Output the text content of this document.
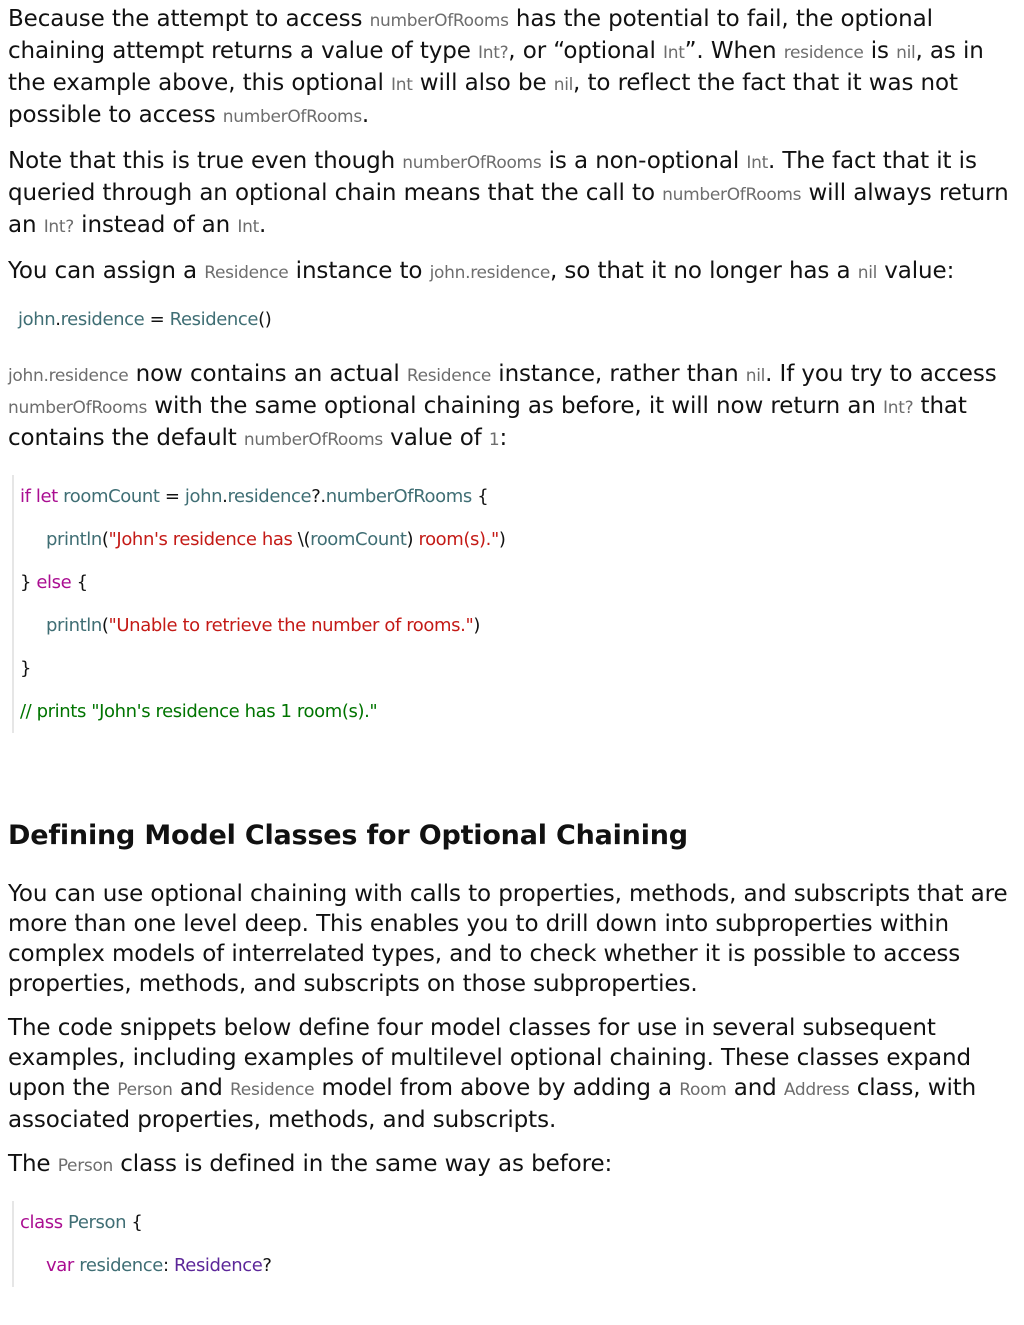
Because the attempt to access numberOfRooms has the potential to fail, the optional chaining attempt returns a value of type Int?, or “optional Int”. When residence is nil, as in the example above, this optional Int will also be nil, to reflect the fact that it was not possible to access numberOfRooms.

Note that this is true even though numberOfRooms is a non-optional Int. The fact that it is queried through an optional chain means that the call to numberOfRooms will always return an Int? instead of an Int.

You can assign a Residence instance to john.residence, so that it no longer has a nil value:

john.residence = Residence()

john.residence now contains an actual Residence instance, rather than nil. If you try to access numberOfRooms with the same optional chaining as before, it will now return an Int? that contains the default numberOfRooms value of 1:

if let roomCount = john.residence?.numberOfRooms {
println("John's residence has \(roomCount) room(s).")
} else {
println("Unable to retrieve the number of rooms.")
}
// prints "John's residence has 1 room(s)."
Defining Model Classes for Optional Chaining

You can use optional chaining with calls to properties, methods, and subscripts that are more than one level deep. This enables you to drill down into subproperties within complex models of interrelated types, and to check whether it is possible to access properties, methods, and subscripts on those subproperties.

The code snippets below define four model classes for use in several subsequent examples, including examples of multilevel optional chaining. These classes expand upon the Person and Residence model from above by adding a Room and Address class, with associated properties, methods, and subscripts.

The Person class is defined in the same way as before:

class Person {
var residence: Residence?
